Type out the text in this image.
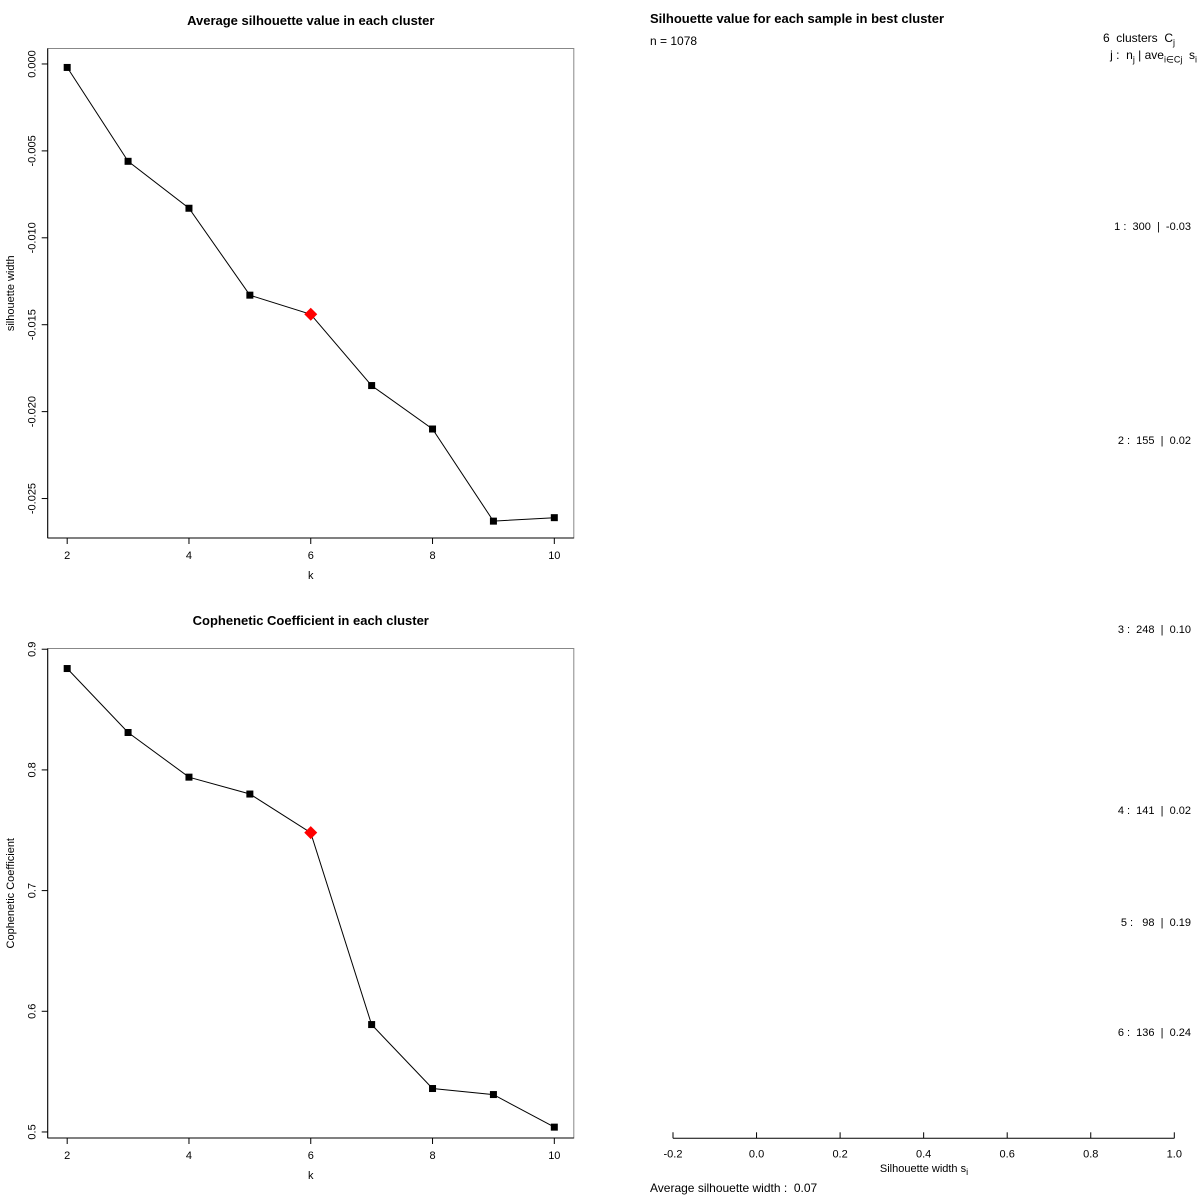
Average silhouette value in each cluster
2	4	6	8	10
k
0.000
-0.005
-0.010
-0.015
-0.020
-0.025
silhouette width
Cophenetic Coefficient in each cluster
2	4	6	8	10
k
0.5
0.6
0.7
0.8
0.9
Cophenetic Coefficient
Silhouette value for each sample in best cluster
n = 1078	6  clusters  $C_j$
j :  $n_j$ | ave$_{i\in Cj}$  $s_i$
1 :  300  |  -0.03
2 :  155  |  0.02
3 :  248  |  0.10
4 :  141  |  0.02
5 :   98  |  0.19
6 :  136  |  0.24
-0.2	0.0	0.2	0.4	0.6	0.8	1.0
Silhouette width $s_i$
Average silhouette width :  0.07
